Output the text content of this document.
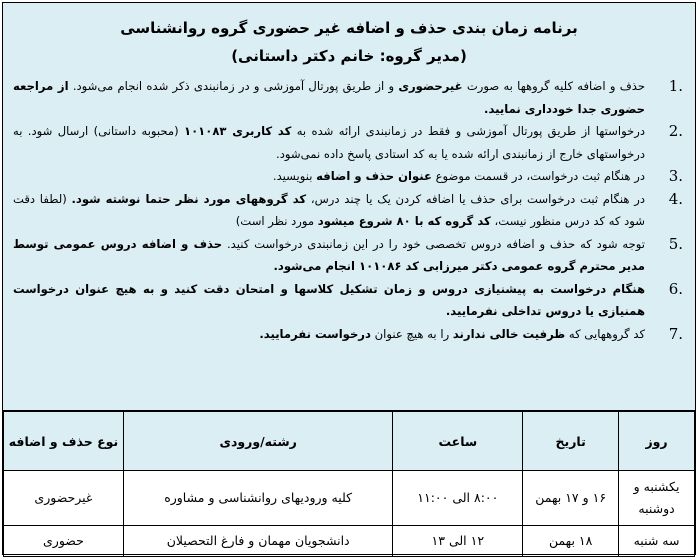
برنامه زمان بندی حذف و اضافه غیر حضوری گروه روانشناسی

(مدیر گروه: خانم دکتر داستانی)

1.
حذف و اضافه کلیه گروهها به صورت غیرحضوری و از طریق پورتال آموزشی و در زمانبندی ذکر شده انجام می‌شود. از مراجعه حضوری جدا خودداری نمایید.
2.
درخواستها از طریق پورتال آموزشی و فقط در زمانبندی ارائه شده به کد کاربری ۱۰۱۰۸۳ (محبوبه داستانی) ارسال شود. به درخواستهای خارج از زمانبندی ارائه شده یا به کد استادی پاسخ داده نمی‌شود.
3.
در هنگام ثبت درخواست، در قسمت موضوع عنوان حذف و اضافه بنویسید.
4.
در هنگام ثبت درخواست برای حذف یا اضافه کردن یک یا چند درس، کد گروههای مورد نظر حتما نوشته شود. (لطفا دقت شود که کد درس منظور نیست، کد گروه که با ۸۰ شروع میشود مورد نظر است)
5.
توجه شود که حذف و اضافه دروس تخصصی خود را در این زمانبندی درخواست کنید. حذف و اضافه دروس عمومی توسط مدیر محترم گروه عمومی دکتر میرزابی کد ۱۰۱۰۸۶ انجام می‌شود.
6.
هنگام درخواست به پیشنیازی دروس و زمان تشکیل کلاسها و امتحان دقت کنید و به هیچ عنوان درخواست همنیازی یا دروس تداخلی نفرمایید.
7.
کد گروههایی که ظرفیت خالی ندارند را به هیچ عنوان درخواست نفرمایید.
روز	تاریخ	ساعت	رشته/ورودی	نوع حذف و اضافه
یکشنبه و دوشنبه	۱۶ و ۱۷ بهمن	۸:۰۰ الی ۱۱:۰۰	کلیه ورودیهای روانشناسی و مشاوره	غیرحضوری
سه شنبه	۱۸ بهمن	۱۲ الی ۱۳	دانشجویان مهمان و فارغ التحصیلان	حضوری
